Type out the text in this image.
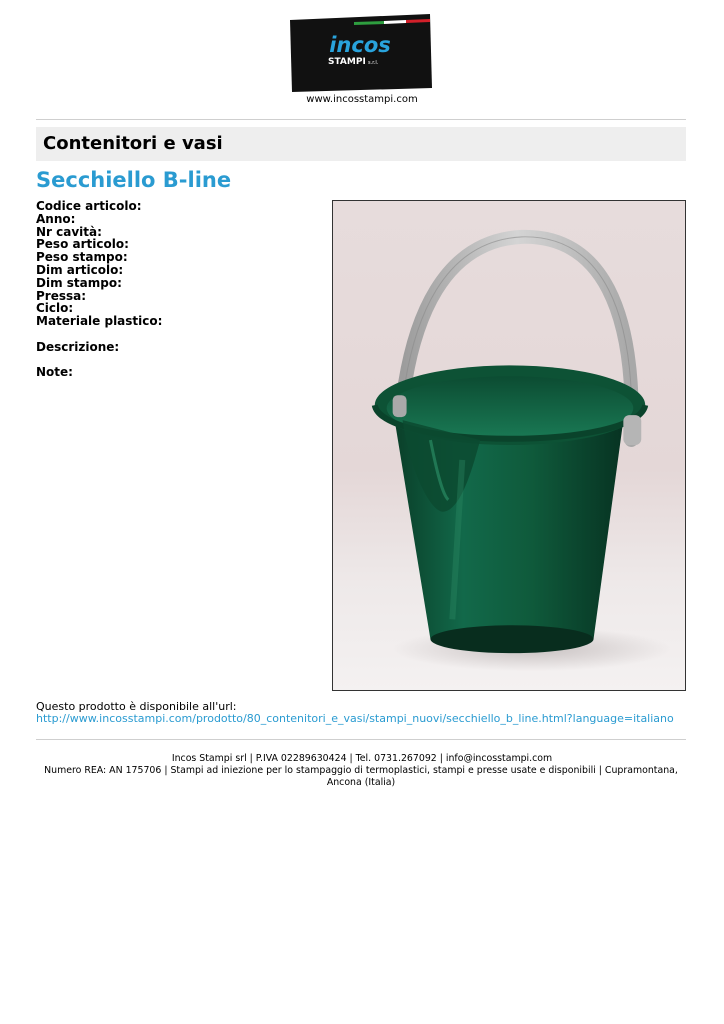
incos
STAMPI s.r.l.
www.incosstampi.com
Contenitori e vasi
Secchiello B-line
Codice articolo:
Anno:
Nr cavità:
Peso articolo:
Peso stampo:
Dim articolo:
Dim stampo:
Pressa:
Ciclo:
Materiale plastico:
Descrizione:
Note:
Questo prodotto è disponibile all'url:
http://www.incosstampi.com/prodotto/80_contenitori_e_vasi/stampi_nuovi/secchiello_b_line.html?language=italiano
Incos Stampi srl | P.IVA 02289630424 | Tel. 0731.267092 | info@incosstampi.com
Numero REA: AN 175706 | Stampi ad iniezione per lo stampaggio di termoplastici, stampi e presse usate e disponibili | Cupramontana, Ancona (Italia)
